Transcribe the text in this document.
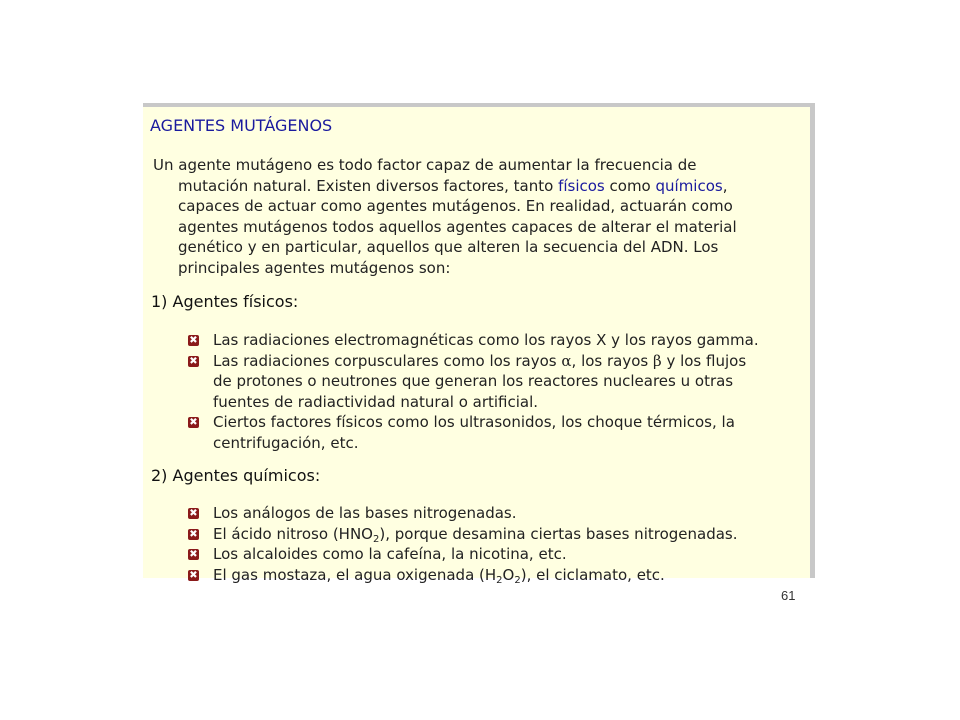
AGENTES MUTÁGENOS

Un agente mutágeno es todo factor capaz de aumentar la frecuencia de
mutación natural. Existen diversos factores, tanto físicos como químicos,
capaces de actuar como agentes mutágenos. En realidad, actuarán como
agentes mutágenos todos aquellos agentes capaces de alterar el material
genético y en particular, aquellos que alteren la secuencia del ADN. Los
principales agentes mutágenos son:

1) Agentes físicos:
✖ Las radiaciones electromagnéticas como los rayos X y los rayos gamma.
✖ Las radiaciones corpusculares como los rayos α, los rayos β y los flujos
de protones o neutrones que generan los reactores nucleares u otras
fuentes de radiactividad natural o artificial.
✖ Ciertos factores físicos como los ultrasonidos, los choque térmicos, la
centrifugación, etc.
2) Agentes químicos:
✖ Los análogos de las bases nitrogenadas.
✖ El ácido nitroso $(HNO_2)$, porque desamina ciertas bases nitrogenadas.
✖ Los alcaloides como la cafeína, la nicotina, etc.
✖ El gas mostaza, el agua oxigenada $(H_2O_2)$, el ciclamato, etc.
61
